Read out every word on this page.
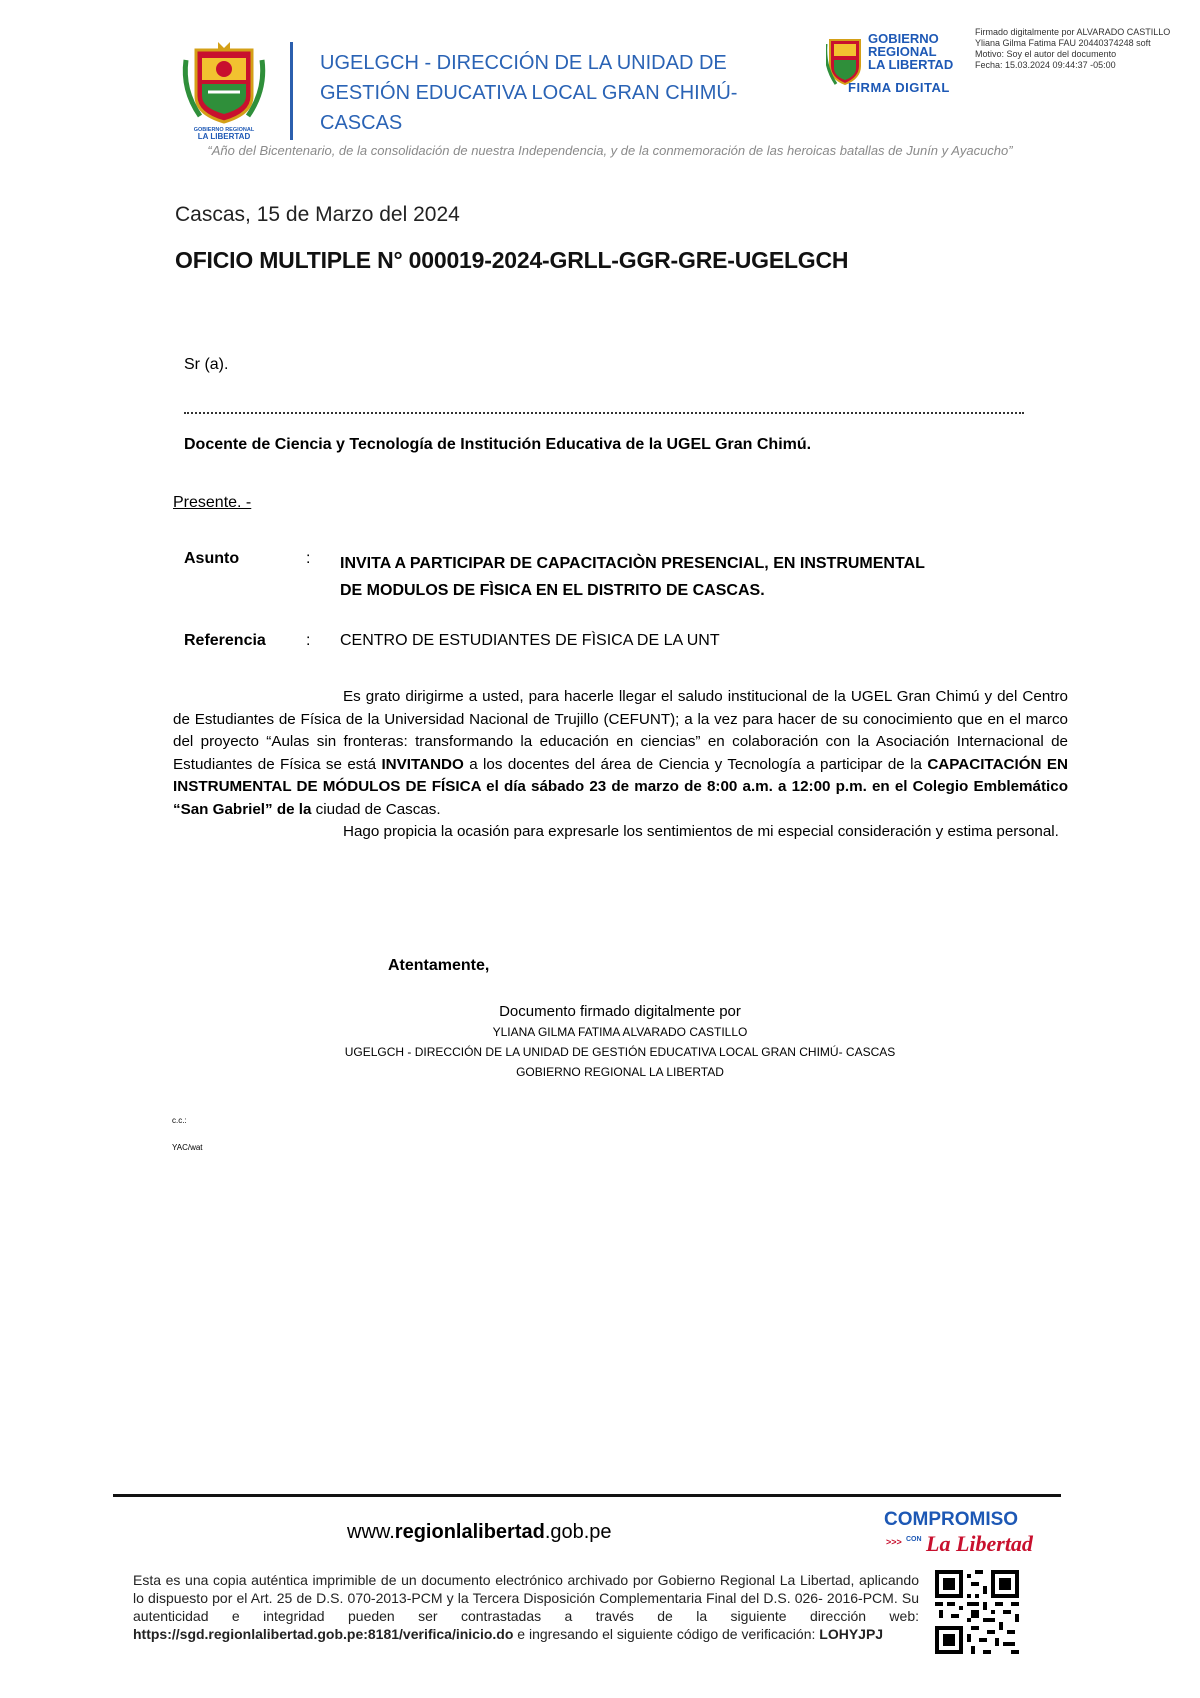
GOBIERNO REGIONAL
LA LIBERTAD
UGELGCH - DIRECCIÓN DE LA UNIDAD DE GESTIÓN EDUCATIVA LOCAL GRAN CHIMÚ- CASCAS
“Año del Bicentenario, de la consolidación de nuestra Independencia, y de la conmemoración de las heroicas batallas de Junín y Ayacucho”
GOBIERNO
REGIONAL
LA LIBERTAD
FIRMA DIGITAL
Firmado digitalmente por ALVARADO CASTILLO Yliana Gilma Fatima FAU 20440374248 soft
Motivo: Soy el autor del documento
Fecha: 15.03.2024 09:44:37 -05:00
Cascas, 15 de Marzo del 2024
OFICIO MULTIPLE N° 000019-2024-GRLL-GGR-GRE-UGELGCH
Sr (a).
Docente de Ciencia y Tecnología de Institución Educativa de la UGEL Gran Chimú.
Presente. -
Asunto	: INVITA A PARTICIPAR DE CAPACITACIÒN PRESENCIAL, EN INSTRUMENTAL
DE MODULOS DE FÌSICA EN EL DISTRITO DE CASCAS.
Referencia	: CENTRO DE ESTUDIANTES DE FÌSICA DE LA UNT

Es grato dirigirme a usted, para hacerle llegar el saludo institucional de la UGEL Gran Chimú y del Centro de Estudiantes de Física de la Universidad Nacional de Trujillo (CEFUNT); a la vez para hacer de su conocimiento que en el marco del proyecto “Aulas sin fronteras: transformando la educación en ciencias” en colaboración con la Asociación Internacional de Estudiantes de Física se está INVITANDO a los docentes del área de Ciencia y Tecnología a participar de la CAPACITACIÓN EN INSTRUMENTAL DE MÓDULOS DE FÍSICA el día sábado 23 de marzo de 8:00 a.m. a 12:00 p.m. en el Colegio Emblemático “San Gabriel” de la ciudad de Cascas.

Hago propicia la ocasión para expresarle los sentimientos de mi especial consideración y estima personal.

Atentamente,
Documento firmado digitalmente por
YLIANA GILMA FATIMA ALVARADO CASTILLO
UGELGCH - DIRECCIÓN DE LA UNIDAD DE GESTIÓN EDUCATIVA LOCAL GRAN CHIMÚ- CASCAS
GOBIERNO REGIONAL LA LIBERTAD
c.c.:
YAC/wat
www.regionlalibertad.gob.pe
COMPROMISO
>>> CON La Libertad
Esta es una copia auténtica imprimible de un documento electrónico archivado por Gobierno Regional La Libertad, aplicando lo dispuesto por el Art. 25 de D.S. 070-2013-PCM y la Tercera Disposición Complementaria Final del D.S. 026- 2016-PCM. Su autenticidad e integridad pueden ser contrastadas a través de la siguiente dirección web: https://sgd.regionlalibertad.gob.pe:8181/verifica/inicio.do e ingresando el siguiente código de verificación: LOHYJPJ
